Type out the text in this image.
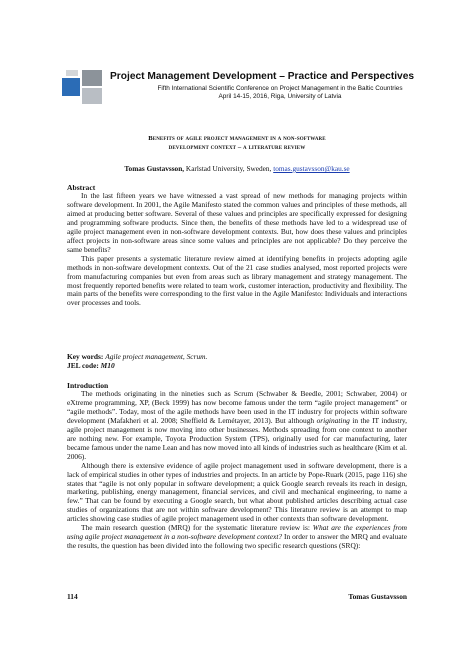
Project Management Development – Practice and Perspectives
Fifth International Scientific Conference on Project Management in the Baltic Countries
April 14-15, 2016, Riga, University of Latvia
Benefits of agile project management in a non-software
development context – a literature review
Tomas Gustavsson, Karlstad University, Sweden, tomas.gustavsson@kau.se
Abstract

In the last fifteen years we have witnessed a vast spread of new methods for managing projects within software development. In 2001, the Agile Manifesto stated the common values and principles of these methods, all aimed at producing better software. Several of these values and principles are specifically expressed for designing and programming software products. Since then, the benefits of these methods have led to a widespread use of agile project management even in non-software development contexts. But, how does these values and principles affect projects in non-software areas since some values and principles are not applicable? Do they perceive the same benefits?

This paper presents a systematic literature review aimed at identifying benefits in projects adopting agile methods in non-software development contexts. Out of the 21 case studies analysed, most reported projects were from manufacturing companies but even from areas such as library management and strategy management. The most frequently reported benefits were related to team work, customer interaction, productivity and flexibility. The main parts of the benefits were corresponding to the first value in the Agile Manifesto: Individuals and interactions over processes and tools.

Key words: Agile project management, Scrum.
JEL code: M10
Introduction

The methods originating in the nineties such as Scrum (Schwaber & Beedle, 2001; Schwaber, 2004) or eXtreme programming, XP, (Beck 1999) has now become famous under the term “agile project management” or “agile methods”. Today, most of the agile methods have been used in the IT industry for projects within software development (Mafakheri et al. 2008; Sheffield & Lemétayer, 2013). But although originating in the IT industry, agile project management is now moving into other businesses. Methods spreading from one context to another are nothing new. For example, Toyota Production System (TPS), originally used for car manufacturing, later became famous under the name Lean and has now moved into all kinds of industries such as healthcare (Kim et al. 2006).

Although there is extensive evidence of agile project management used in software development, there is a lack of empirical studies in other types of industries and projects. In an article by Pope-Ruark (2015, page 116) she states that “agile is not only popular in software development; a quick Google search reveals its reach in design, marketing, publishing, energy management, financial services, and civil and mechanical engineering, to name a few.” That can be found by executing a Google search, but what about published articles describing actual case studies of organizations that are not within software development? This literature review is an attempt to map articles showing case studies of agile project management used in other contexts than software development.

The main research question (MRQ) for the systematic literature review is: What are the experiences from using agile project management in a non-software development context? In order to answer the MRQ and evaluate the results, the question has been divided into the following two specific research questions (SRQ):

114	Tomas Gustavsson
